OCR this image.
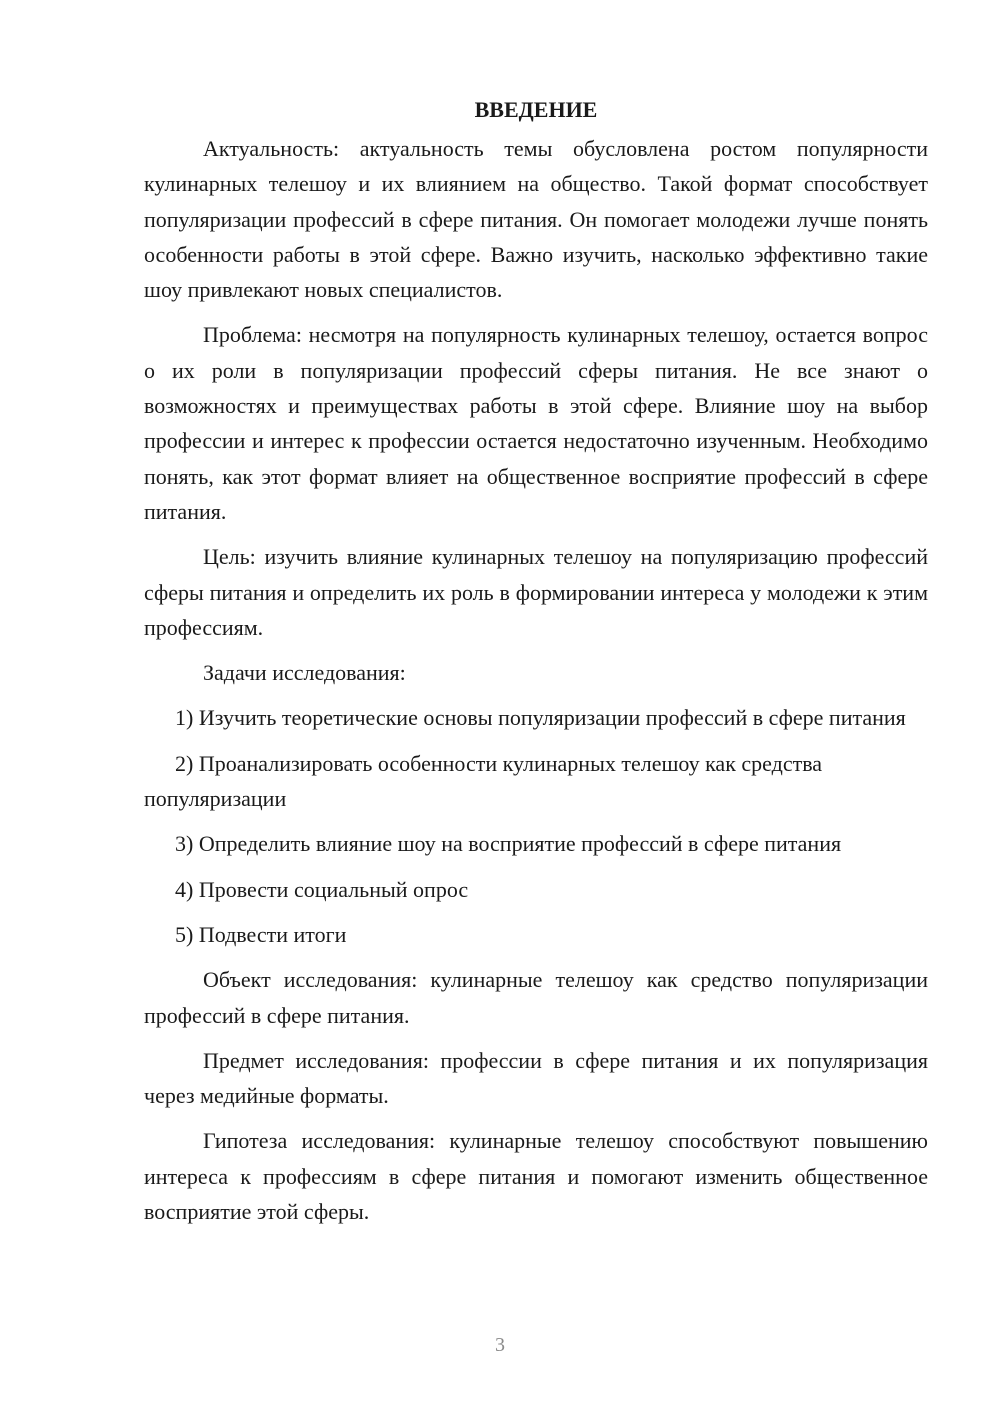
ВВЕДЕНИЕ

Актуальность: актуальность темы обусловлена ростом популярности кулинарных телешоу и их влиянием на общество. Такой формат способствует популяризации профессий в сфере питания. Он помогает молодежи лучше понять особенности работы в этой сфере. Важно изучить, насколько эффективно такие шоу привлекают новых специалистов.

Проблема: несмотря на популярность кулинарных телешоу, остается вопрос о их роли в популяризации профессий сферы питания. Не все знают о возможностях и преимуществах работы в этой сфере. Влияние шоу на выбор профессии и интерес к профессии остается недостаточно изученным. Необходимо понять, как этот формат влияет на общественное восприятие профессий в сфере питания.

Цель: изучить влияние кулинарных телешоу на популяризацию профессий сферы питания и определить их роль в формировании интереса у молодежи к этим профессиям.

Задачи исследования:

1) Изучить теоретические основы популяризации профессий в сфере питания

2) Проанализировать особенности кулинарных телешоу как средства популяризации

3) Определить влияние шоу на восприятие профессий в сфере питания

4) Провести социальный опрос

5) Подвести итоги

Объект исследования: кулинарные телешоу как средство популяризации профессий в сфере питания.

Предмет исследования: профессии в сфере питания и их популяризация через медийные форматы.

Гипотеза исследования: кулинарные телешоу способствуют повышению интереса к профессиям в сфере питания и помогают изменить общественное восприятие этой сферы.

3
